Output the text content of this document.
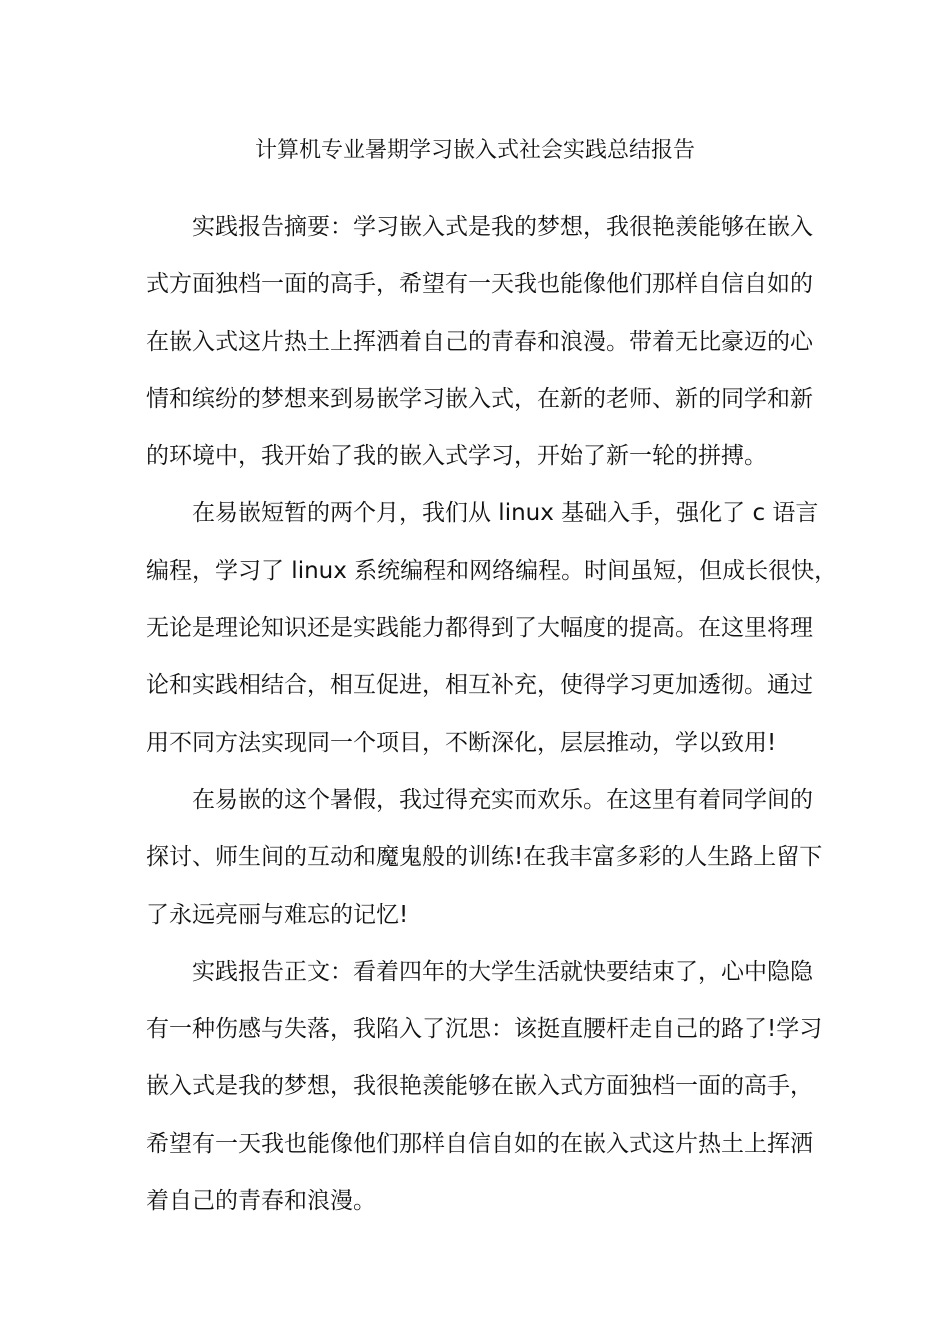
计算机专业暑期学习嵌入式社会实践总结报告
实践报告摘要：学习嵌入式是我的梦想，我很艳羡能够在嵌入
式方面独档一面的高手，希望有一天我也能像他们那样自信自如的
在嵌入式这片热土上挥洒着自己的青春和浪漫。带着无比豪迈的心
情和缤纷的梦想来到易嵌学习嵌入式，在新的老师、新的同学和新
的环境中，我开始了我的嵌入式学习，开始了新一轮的拼搏。
在易嵌短暂的两个月，我们从 linux 基础入手，强化了 c 语言
编程，学习了 linux 系统编程和网络编程。时间虽短，但成长很快，
无论是理论知识还是实践能力都得到了大幅度的提高。在这里将理
论和实践相结合，相互促进，相互补充，使得学习更加透彻。通过
用不同方法实现同一个项目，不断深化，层层推动，学以致用!
在易嵌的这个暑假，我过得充实而欢乐。在这里有着同学间的
探讨、师生间的互动和魔鬼般的训练!在我丰富多彩的人生路上留下
了永远亮丽与难忘的记忆!
实践报告正文：看着四年的大学生活就快要结束了，心中隐隐
有一种伤感与失落，我陷入了沉思：该挺直腰杆走自己的路了!学习
嵌入式是我的梦想，我很艳羡能够在嵌入式方面独档一面的高手，
希望有一天我也能像他们那样自信自如的在嵌入式这片热土上挥洒
着自己的青春和浪漫。
